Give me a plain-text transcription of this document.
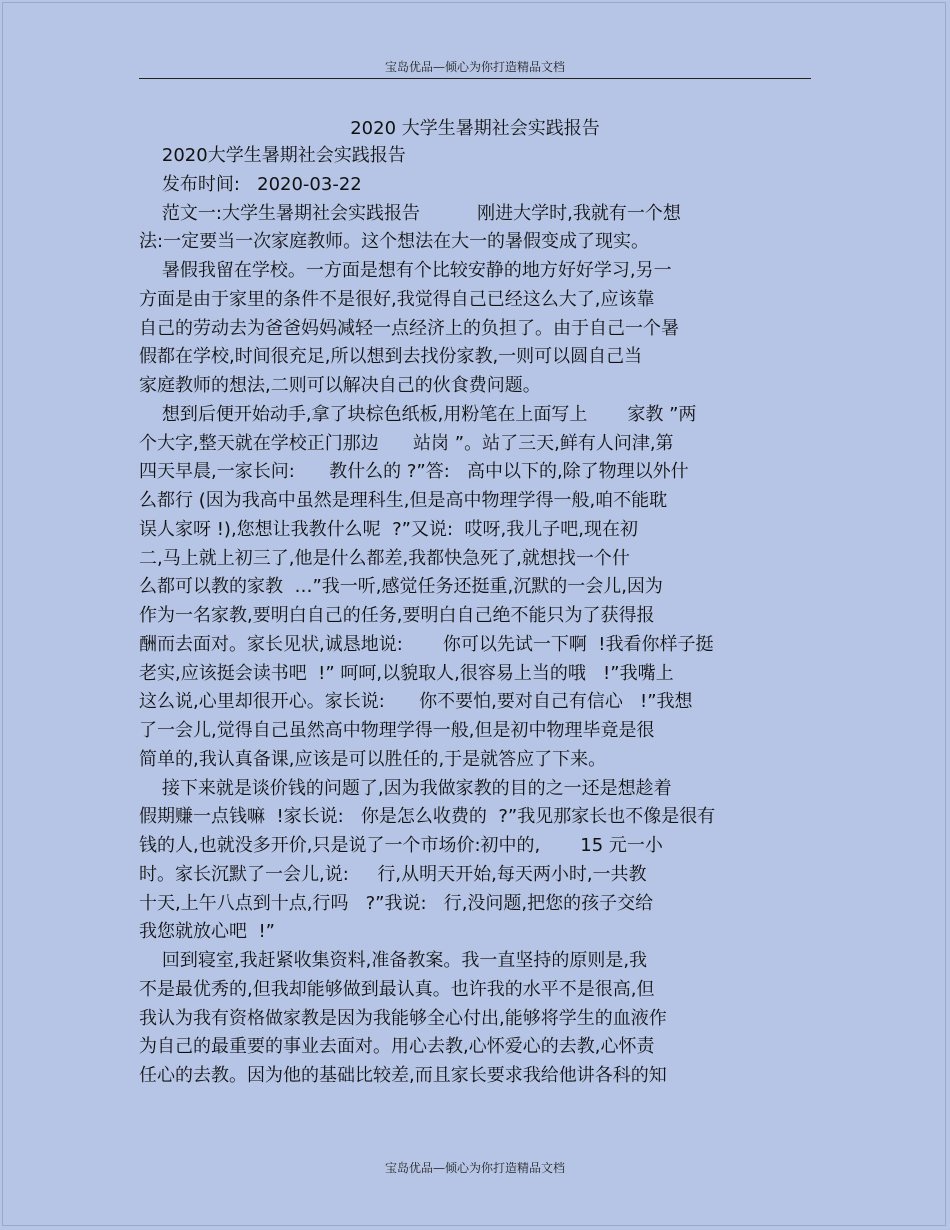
宝岛优品—倾心为你打造精品文档
2020 大学生暑期社会实践报告
2020大学生暑期社会实践报告
发布时间:   2020-03-22
范文一:大学生暑期社会实践报告          刚进大学时,我就有一个想
法:一定要当一次家庭教师。这个想法在大一的暑假变成了现实。
暑假我留在学校。一方面是想有个比较安静的地方好好学习,另一
方面是由于家里的条件不是很好,我觉得自己已经这么大了,应该靠
自己的劳动去为爸爸妈妈减轻一点经济上的负担了。由于自己一个暑
假都在学校,时间很充足,所以想到去找份家教,一则可以圆自己当
家庭教师的想法,二则可以解决自己的伙食费问题。
想到后便开始动手,拿了块棕色纸板,用粉笔在上面写上       家教 ”两
个大字,整天就在学校正门那边      站岗 ”。站了三天,鲜有人问津,第
四天早晨,一家长问:      教什么的 ?”答:   高中以下的,除了物理以外什
么都行 (因为我高中虽然是理科生,但是高中物理学得一般,咱不能耽
误人家呀 !),您想让我教什么呢  ?”又说:  哎呀,我儿子吧,现在初
二,马上就上初三了,他是什么都差,我都快急死了,就想找一个什
么都可以教的家教  …”我一听,感觉任务还挺重,沉默的一会儿,因为
作为一名家教,要明白自己的任务,要明白自己绝不能只为了获得报
酬而去面对。家长见状,诚恳地说:       你可以先试一下啊  !我看你样子挺
老实,应该挺会读书吧  !” 呵呵,以貌取人,很容易上当的哦   !”我嘴上
这么说,心里却很开心。家长说:      你不要怕,要对自己有信心   !”我想
了一会儿,觉得自己虽然高中物理学得一般,但是初中物理毕竟是很
简单的,我认真备课,应该是可以胜任的,于是就答应了下来。
接下来就是谈价钱的问题了,因为我做家教的目的之一还是想趁着
假期赚一点钱嘛  !家长说:   你是怎么收费的  ?”我见那家长也不像是很有
钱的人,也就没多开价,只是说了一个市场价:初中的,       15 元一小
时。家长沉默了一会儿,说:     行,从明天开始,每天两小时,一共教
十天,上午八点到十点,行吗   ?”我说:   行,没问题,把您的孩子交给
我您就放心吧  !”
回到寝室,我赶紧收集资料,准备教案。我一直坚持的原则是,我
不是最优秀的,但我却能够做到最认真。也许我的水平不是很高,但
我认为我有资格做家教是因为我能够全心付出,能够将学生的血液作
为自己的最重要的事业去面对。用心去教,心怀爱心的去教,心怀责
任心的去教。因为他的基础比较差,而且家长要求我给他讲各科的知
宝岛优品—倾心为你打造精品文档
